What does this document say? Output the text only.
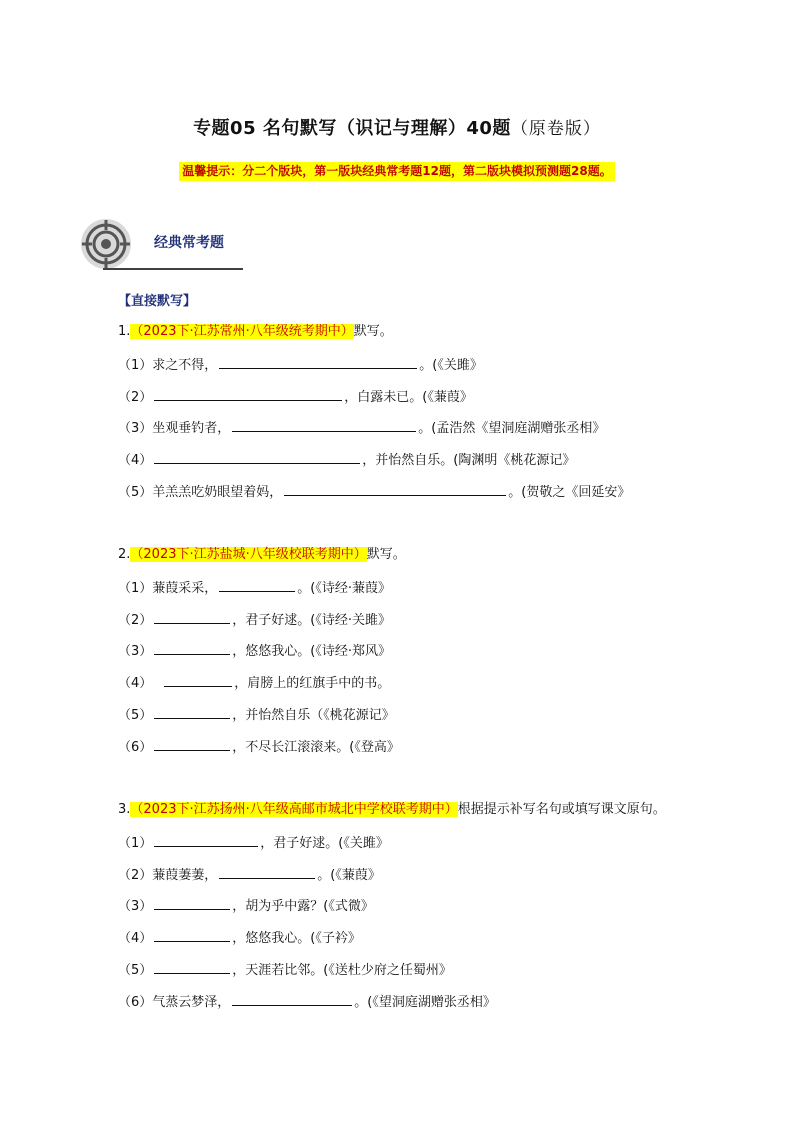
专题05 名句默写（识记与理解）40题（原卷版）
温馨提示：分二个版块，第一版块经典常考题12题，第二版块模拟预测题28题。
经典常考题
【直接默写】
1.（2023下·江苏常州·八年级统考期中）默写。
（1）求之不得，	。(《关雎》
（2）	，白露未已。(《蒹葭》
（3）坐观垂钓者，	。(孟浩然《望洞庭湖赠张丞相》
（4）	，并怡然自乐。(陶渊明《桃花源记》
（5）羊羔羔吃奶眼望着妈，	。(贺敬之《回延安》
2.（2023下·江苏盐城·八年级校联考期中）默写。
（1）蒹葭采采，	。(《诗经·蒹葭》
（2）	，君子好逑。(《诗经·关雎》
（3）	，悠悠我心。(《诗经·郑风》
（4）	，肩膀上的红旗手中的书。
（5）	，并怡然自乐（《桃花源记》
（6）	，不尽长江滚滚来。(《登高》
3.（2023下·江苏扬州·八年级高邮市城北中学校联考期中）根据提示补写名句或填写课文原句。
（1）	，君子好逑。(《关雎》
（2）蒹葭萋萋，	。(《蒹葭》
（3）	，胡为乎中露？(《式微》
（4）	，悠悠我心。(《子衿》
（5）	，天涯若比邻。(《送杜少府之任蜀州》
（6）气蒸云梦泽，	。(《望洞庭湖赠张丞相》
